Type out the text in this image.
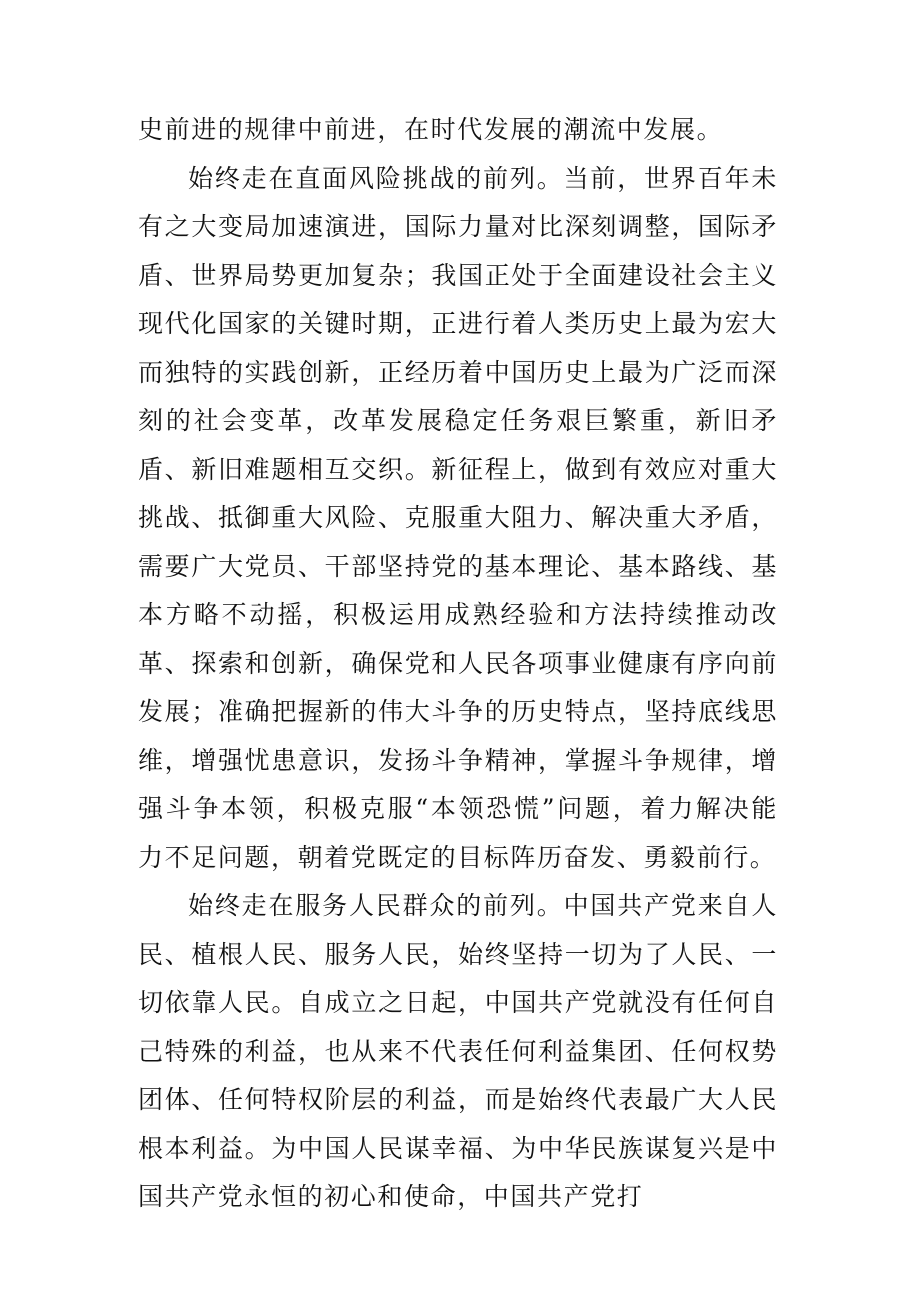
史前进的规律中前进，在时代发展的潮流中发展。

始终走在直面风险挑战的前列。当前，世界百年未有之大变局加速演进，国际力量对比深刻调整，国际矛盾、世界局势更加复杂；我国正处于全面建设社会主义现代化国家的关键时期，正进行着人类历史上最为宏大而独特的实践创新，正经历着中国历史上最为广泛而深刻的社会变革，改革发展稳定任务艰巨繁重，新旧矛盾、新旧难题相互交织。新征程上，做到有效应对重大挑战、抵御重大风险、克服重大阻力、解决重大矛盾，需要广大党员、干部坚持党的基本理论、基本路线、基本方略不动摇，积极运用成熟经验和方法持续推动改革、探索和创新，确保党和人民各项事业健康有序向前发展；准确把握新的伟大斗争的历史特点，坚持底线思维，增强忧患意识，发扬斗争精神，掌握斗争规律，增强斗争本领，积极克服“本领恐慌”问题，着力解决能力不足问题，朝着党既定的目标阵历奋发、勇毅前行。

始终走在服务人民群众的前列。中国共产党来自人民、植根人民、服务人民，始终坚持一切为了人民、一切依靠人民。自成立之日起，中国共产党就没有任何自己特殊的利益，也从来不代表任何利益集团、任何权势团体、任何特权阶层的利益，而是始终代表最广大人民根本利益。为中国人民谋幸福、为中华民族谋复兴是中国共产党永恒的初心和使命，中国共产党打
